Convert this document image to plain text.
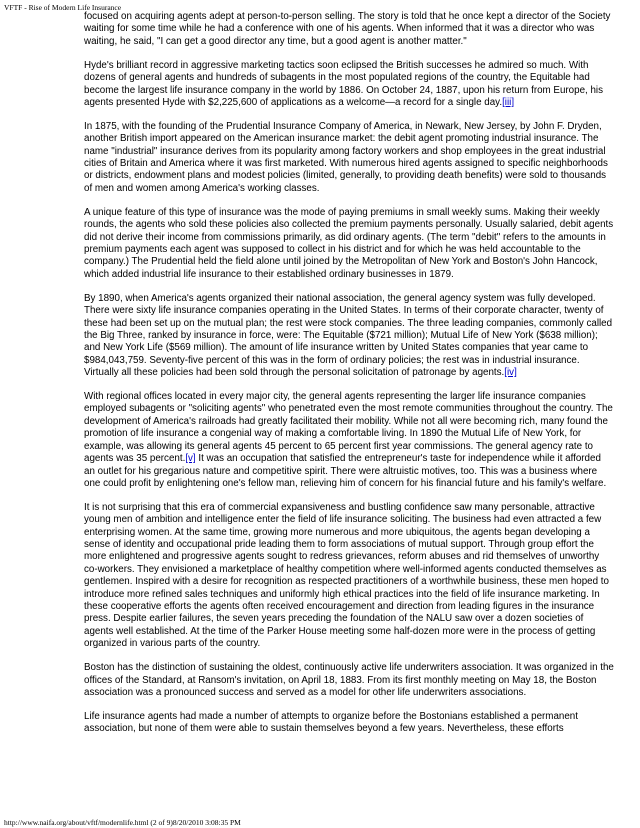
VFTF - Rise of Modern Life Insurance

focused on acquiring agents adept at person-to-person selling. The story is told that he once kept a director of the Society waiting for some time while he had a conference with one of his agents. When informed that it was a director who was waiting, he said, "I can get a good director any time, but a good agent is another matter."

Hyde's brilliant record in aggressive marketing tactics soon eclipsed the British successes he admired so much. With dozens of general agents and hundreds of subagents in the most populated regions of the country, the Equitable had become the largest life insurance company in the world by 1886. On October 24, 1887, upon his return from Europe, his agents presented Hyde with $2,225,600 of applications as a welcome—a record for a single day.[iii]

In 1875, with the founding of the Prudential Insurance Company of America, in Newark, New Jersey, by John F. Dryden, another British import appeared on the American insurance market: the debit agent promoting industrial insurance. The name "industrial" insurance derives from its popularity among factory workers and shop employees in the great industrial cities of Britain and America where it was first marketed. With numerous hired agents assigned to specific neighborhoods or districts, endowment plans and modest policies (limited, generally, to providing death benefits) were sold to thousands of men and women among America's working classes.

A unique feature of this type of insurance was the mode of paying premiums in small weekly sums. Making their weekly rounds, the agents who sold these policies also collected the premium payments personally. Usually salaried, debit agents did not derive their income from commissions primarily, as did ordinary agents. (The term "debit" refers to the amounts in premium payments each agent was supposed to collect in his district and for which he was held accountable to the company.) The Prudential held the field alone until joined by the Metropolitan of New York and Boston's John Hancock, which added industrial life insurance to their established ordinary businesses in 1879.

By 1890, when America's agents organized their national association, the general agency system was fully developed. There were sixty life insurance companies operating in the United States. In terms of their corporate character, twenty of these had been set up on the mutual plan; the rest were stock companies. The three leading companies, commonly called the Big Three, ranked by insurance in force, were: The Equitable ($721 million); Mutual Life of New York ($638 million); and New York Life ($569 million). The amount of life insurance written by United States companies that year came to $984,043,759. Seventy-five percent of this was in the form of ordinary policies; the rest was in industrial insurance. Virtually all these policies had been sold through the personal solicitation of patronage by agents.[iv]

With regional offices located in every major city, the general agents representing the larger life insurance companies employed subagents or "soliciting agents" who penetrated even the most remote communities throughout the country. The development of America's railroads had greatly facilitated their mobility. While not all were becoming rich, many found the promotion of life insurance a congenial way of making a comfortable living. In 1890 the Mutual Life of New York, for example, was allowing its general agents 45 percent to 65 percent first year commissions. The general agency rate to agents was 35 percent.[v] It was an occupation that satisfied the entrepreneur's taste for independence while it afforded an outlet for his gregarious nature and competitive spirit. There were altruistic motives, too. This was a business where one could profit by enlightening one's fellow man, relieving him of concern for his financial future and his family's welfare.

It is not surprising that this era of commercial expansiveness and bustling confidence saw many personable, attractive young men of ambition and intelligence enter the field of life insurance soliciting. The business had even attracted a few enterprising women. At the same time, growing more numerous and more ubiquitous, the agents began developing a sense of identity and occupational pride leading them to form associations of mutual support. Through group effort the more enlightened and progressive agents sought to redress grievances, reform abuses and rid themselves of unworthy co-workers. They envisioned a marketplace of healthy competition where well-informed agents conducted themselves as gentlemen. Inspired with a desire for recognition as respected practitioners of a worthwhile business, these men hoped to introduce more refined sales techniques and uniformly high ethical practices into the field of life insurance marketing. In these cooperative efforts the agents often received encouragement and direction from leading figures in the insurance press. Despite earlier failures, the seven years preceding the foundation of the NALU saw over a dozen societies of agents well established. At the time of the Parker House meeting some half-dozen more were in the process of getting organized in various parts of the country.

Boston has the distinction of sustaining the oldest, continuously active life underwriters association. It was organized in the offices of the Standard, at Ransom's invitation, on April 18, 1883. From its first monthly meeting on May 18, the Boston association was a pronounced success and served as a model for other life underwriters associations.

Life insurance agents had made a number of attempts to organize before the Bostonians established a permanent association, but none of them were able to sustain themselves beyond a few years. Nevertheless, these efforts

http://www.naifa.org/about/vftf/modernlife.html (2 of 9)8/20/2010 3:08:35 PM
